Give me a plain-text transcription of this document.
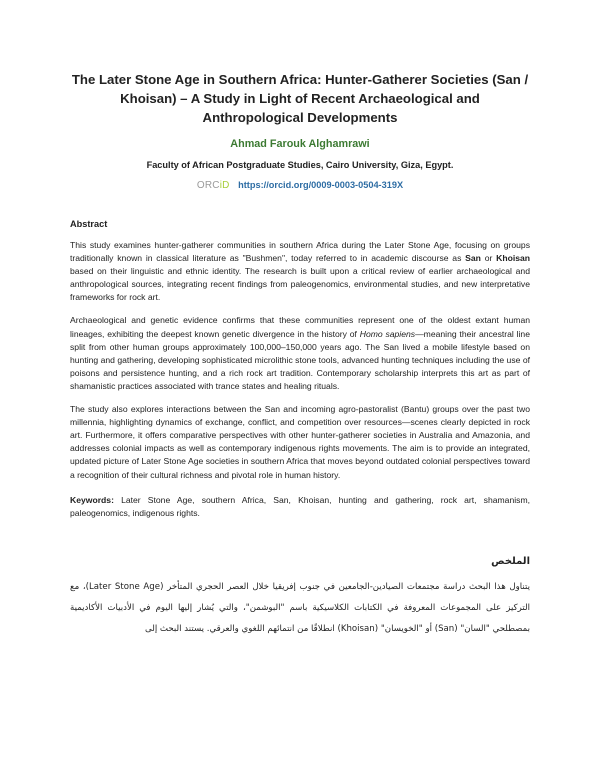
The Later Stone Age in Southern Africa: Hunter-Gatherer Societies (San / Khoisan) – A Study in Light of Recent Archaeological and Anthropological Developments
Ahmad Farouk Alghamrawi
Faculty of African Postgraduate Studies, Cairo University, Giza, Egypt.
ORCiD https://orcid.org/0009-0003-0504-319X
Abstract

This study examines hunter-gatherer communities in southern Africa during the Later Stone Age, focusing on groups traditionally known in classical literature as "Bushmen", today referred to in academic discourse as San or Khoisan based on their linguistic and ethnic identity. The research is built upon a critical review of earlier archaeological and anthropological sources, integrating recent findings from paleogenomics, environmental studies, and new interpretative frameworks for rock art.

Archaeological and genetic evidence confirms that these communities represent one of the oldest extant human lineages, exhibiting the deepest known genetic divergence in the history of Homo sapiens—meaning their ancestral line split from other human groups approximately 100,000–150,000 years ago. The San lived a mobile lifestyle based on hunting and gathering, developing sophisticated microlithic stone tools, advanced hunting techniques including the use of poisons and persistence hunting, and a rich rock art tradition. Contemporary scholarship interprets this art as part of shamanistic practices associated with trance states and healing rituals.

The study also explores interactions between the San and incoming agro-pastoralist (Bantu) groups over the past two millennia, highlighting dynamics of exchange, conflict, and competition over resources—scenes clearly depicted in rock art. Furthermore, it offers comparative perspectives with other hunter-gatherer societies in Australia and Amazonia, and addresses colonial impacts as well as contemporary indigenous rights movements. The aim is to provide an integrated, updated picture of Later Stone Age societies in southern Africa that moves beyond outdated colonial perspectives toward a recognition of their cultural richness and pivotal role in human history.

Keywords: Later Stone Age, southern Africa, San, Khoisan, hunting and gathering, rock art, shamanism, paleogenomics, indigenous rights.
الملخص
يتناول هذا البحث دراسة مجتمعات الصيادين-الجامعين في جنوب إفريقيا خلال العصر الحجري المتأخر (Later Stone Age)، مع التركيز على المجموعات المعروفة في الكتابات الكلاسيكية باسم "البوشمن"، والتي يُشار إليها اليوم في الأدبيات الأكاديمية بمصطلحي "السان" (San) أو "الخويسان" (Khoisan) انطلاقًا من انتمائهم اللغوي والعرقي. يستند البحث إلى
